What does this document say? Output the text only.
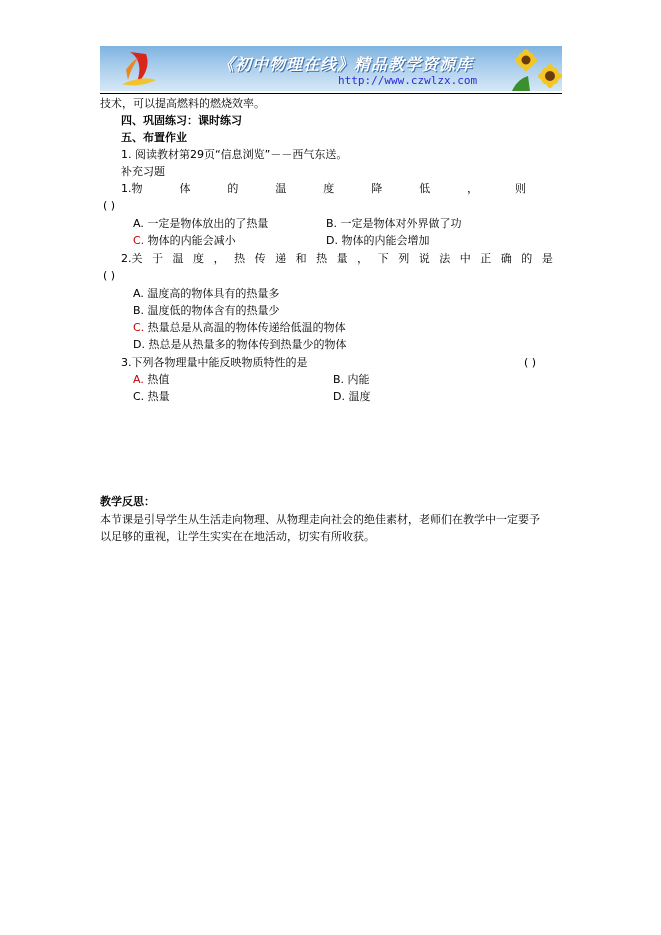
《初中物理在线》精品教学资源库
http://www.czwlzx.com
技术，可以提高燃料的燃烧效率。
四、巩固练习：课时练习
五、布置作业
1. 阅读教材第29页“信息浏览”－－西气东送。
补充习题
1.物	体	的	温	度	降	低	，	则
( )
A. 一定是物体放出的了热量	B. 一定是物体对外界做了功
C. 物体的内能会减小	D. 物体的内能会增加
2.关 于 温 度 ， 热 传 递 和 热 量 ， 下 列 说 法 中 正 确 的 是
( )
A. 温度高的物体具有的热量多
B. 温度低的物体含有的热量少
C. 热量总是从高温的物体传递给低温的物体
D. 热总是从热量多的物体传到热量少的物体
3.下列各物理量中能反映物质特性的是	( )
A. 热值	B. 内能
C. 热量	D. 温度
教学反思：
本节课是引导学生从生活走向物理、从物理走向社会的绝佳素材，老师们在教学中一定要予
以足够的重视，让学生实实在在地活动，切实有所收获。
